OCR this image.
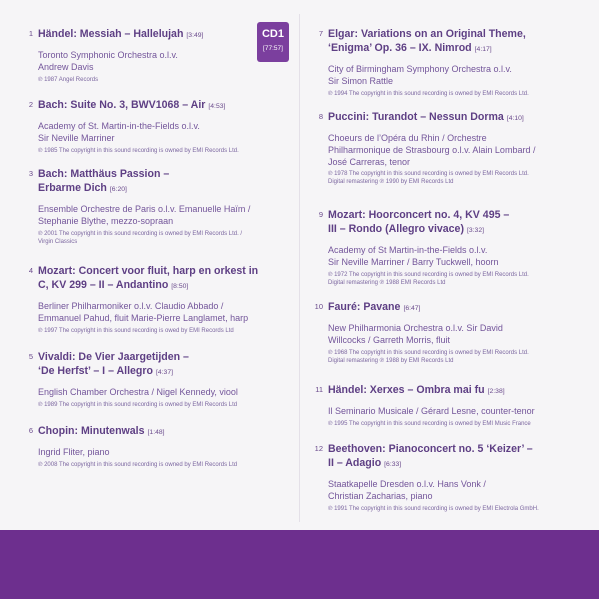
CD1
[77:57]
1 Händel: Messiah – Hallelujah [3:49]
Toronto Symphonic Orchestra o.l.v.
Andrew Davis
℗ 1987 Angel Records
2 Bach: Suite No. 3, BWV1068 – Air [4:53]
Academy of St. Martin-in-the-Fields o.l.v.
Sir Neville Marriner
℗ 1985 The copyright in this sound recording is owned by EMI Records Ltd.
3 Bach: Matthäus Passion –
Erbarme Dich [6:20]
Ensemble Orchestre de Paris o.l.v. Emanuelle Haïm /
Stephanie Blythe, mezzo-sopraan
℗ 2001 The copyright in this sound recording is owned by EMI Records Ltd. /
Virgin Classics
4 Mozart: Concert voor fluit, harp en orkest in
C, KV 299 – II – Andantino [8:50]
Berliner Philharmoniker o.l.v. Claudio Abbado /
Emmanuel Pahud, fluit Marie-Pierre Langlamet, harp
℗ 1997 The copyright in this sound recording is owed by EMI Records Ltd
5 Vivaldi: De Vier Jaargetijden –
‘De Herfst’ – I – Allegro [4:37]
English Chamber Orchestra / Nigel Kennedy, viool
℗ 1989 The copyright in this sound recording is owned by EMI Records Ltd
6 Chopin: Minutenwals [1:48]
Ingrid Fliter, piano
℗ 2008 The copyright in this sound recording is owned by EMI Records Ltd
7 Elgar: Variations on an Original Theme,
‘Enigma’ Op. 36 – IX. Nimrod [4:17]
City of Birmingham Symphony Orchestra o.l.v.
Sir Simon Rattle
℗ 1994 The copyright in this sound recording is owned by EMI Records Ltd.
8 Puccini: Turandot – Nessun Dorma [4:10]
Choeurs de l’Opéra du Rhin / Orchestre
Philharmonique de Strasbourg o.l.v. Alain Lombard /
José Carreras, tenor
℗ 1978 The copyright in this sound recording is owned by EMI Records Ltd.
Digital remastering ℗ 1990 by EMI Records Ltd
9 Mozart: Hoorconcert no. 4, KV 495 –
III – Rondo (Allegro vivace) [3:32]
Academy of St Martin-in-the-Fields o.l.v.
Sir Neville Marriner / Barry Tuckwell, hoorn
℗ 1972 The copyright in this sound recording is owned by EMI Records Ltd.
Digital remastering ℗ 1988 EMI Records Ltd
10 Fauré: Pavane [6:47]
New Philharmonia Orchestra o.l.v. Sir David
Willcocks / Garreth Morris, fluit
℗ 1968 The copyright in this sound recording is owned by EMI Records Ltd.
Digital remastering ℗ 1988 by EMI Records Ltd
11 Händel: Xerxes – Ombra mai fu [2:38]
Il Seminario Musicale / Gérard Lesne, counter-tenor
℗ 1995 The copyright in this sound recording is owned by EMI Music France
12 Beethoven: Pianoconcert no. 5 ‘Keizer’ –
II – Adagio [6:33]
Staatkapelle Dresden o.l.v. Hans Vonk /
Christian Zacharias, piano
℗ 1991 The copyright in this sound recording is owned by EMI Electrola GmbH.
